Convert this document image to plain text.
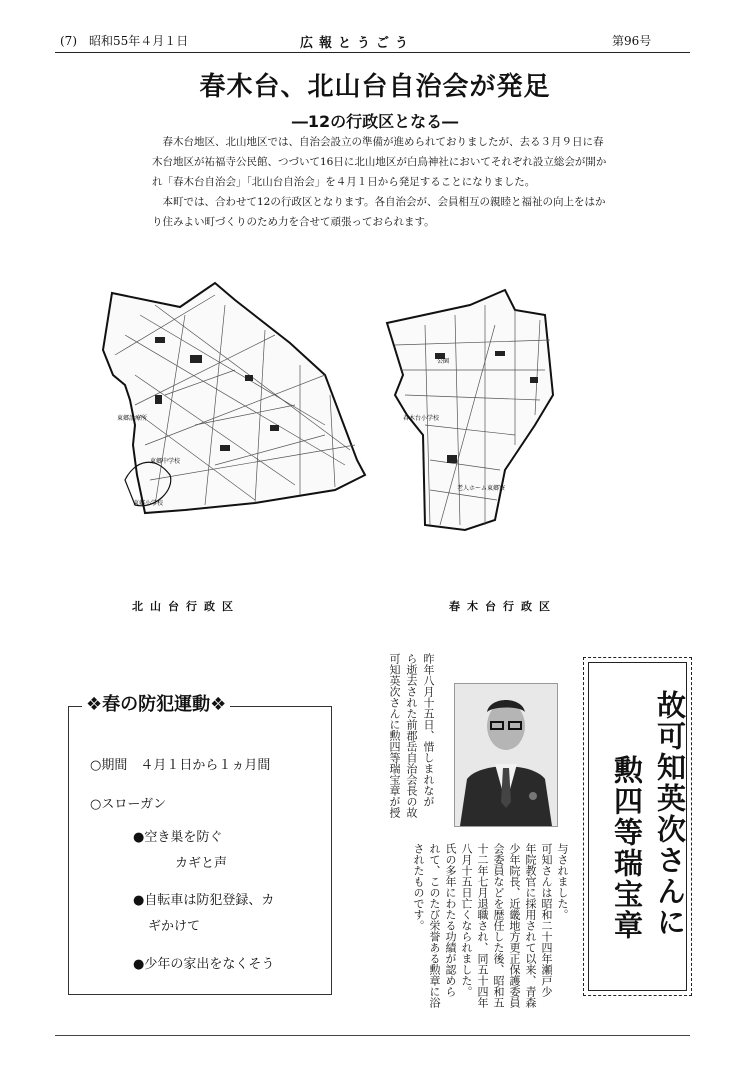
(7)　昭和55年４月１日	広報とうごう	第96号
春木台、北山台自治会が発足
―12の行政区となる―

春木台地区、北山地区では、自治会設立の準備が進められておりましたが、去る３月９日に春木台地区が祐福寺公民館、つづいて16日に北山地区が白鳥神社においてそれぞれ設立総会が開かれ「春木台自治会」「北山台自治会」を４月１日から発足することになりました。

本町では、合わせて12の行政区となります。各自治会が、会員相互の親睦と福祉の向上をはかり住みよい町づくりのため力を合せて頑張っておられます。

東郷診療所
東郷中学校
東郷小学校
公園
春木台小学校
老人ホーム東郷寮
北山台行政区	春木台行政区
❖春の防犯運動❖
○期間　４月１日から１ヵ月間
○スローガン
●空き巣を防ぐ
カギと声
●自転車は防犯登録、カ
ギかけて
●少年の家出をなくそう
昨年八月十五日、惜しまれなが
ら逝去された前郡岳自治会長の故
可知英次さんに勲四等瑞宝章が授
与されました。
可知さんは昭和二十四年瀬戸少
年院教官に採用されて以来、青森
少年院長、近畿地方更正保護委員
会委員などを歴任した後、昭和五
十二年七月退職され、同五十四年
八月十五日亡くなられました。
氏の多年にわたる功績が認めら
れて、このたび栄誉ある勲章に浴
されたものです。	故可知英次さんに
勲四等瑞宝章
